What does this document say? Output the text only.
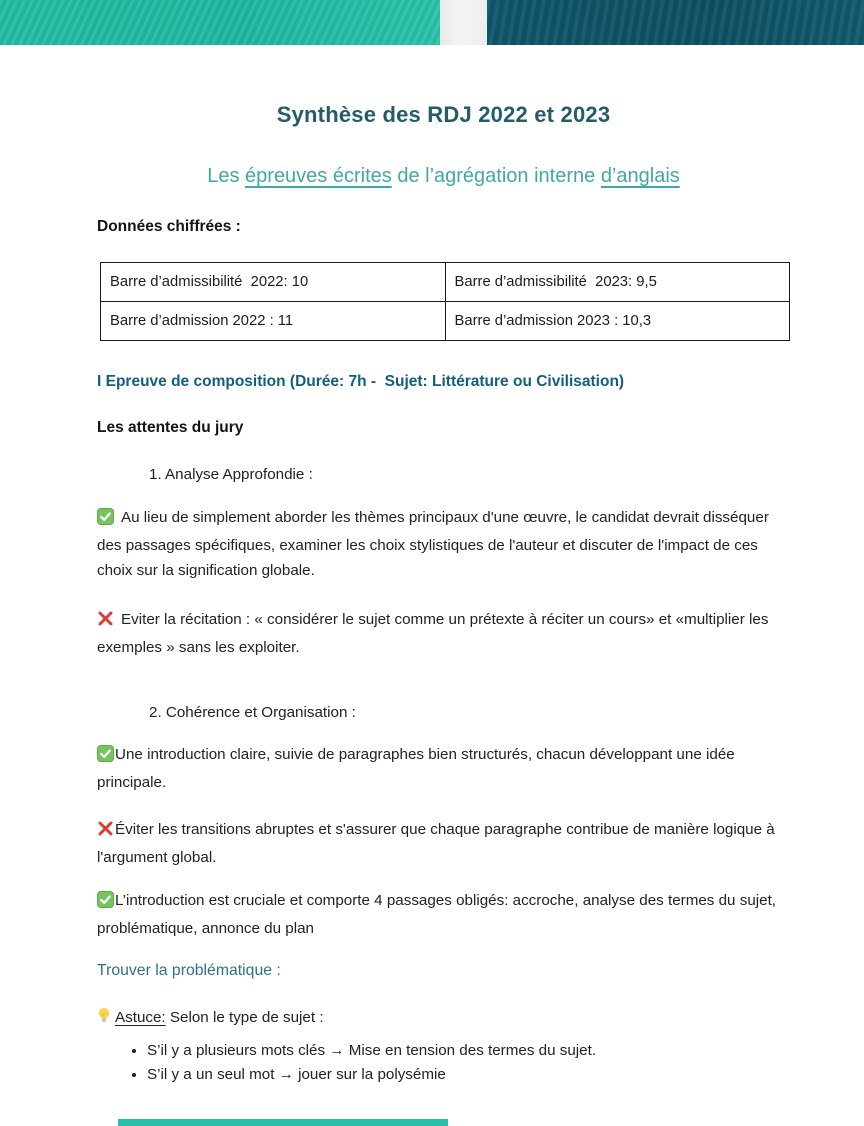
Synthèse des RDJ 2022 et 2023
Les épreuves écrites de l’agrégation interne d’anglais
Données chiffrées :
Barre d’admissibilité  2022: 10	Barre d’admissibilité  2023: 9,5
Barre d’admission 2022 : 11	Barre d’admission 2023 : 10,3
I Epreuve de composition (Durée: 7h -  Sujet: Littérature ou Civilisation)
Les attentes du jury
1. Analyse Approfondie :

Au lieu de simplement aborder les thèmes principaux d'une œuvre, le candidat devrait disséquer des passages spécifiques, examiner les choix stylistiques de l'auteur et discuter de l'impact de ces choix sur la signification globale.

Eviter la récitation : « considérer le sujet comme un prétexte à réciter un cours» et «multiplier les exemples » sans les exploiter.

2. Cohérence et Organisation :

Une introduction claire, suivie de paragraphes bien structurés, chacun développant une idée principale.

Éviter les transitions abruptes et s'assurer que chaque paragraphe contribue de manière logique à l'argument global.

L’introduction est cruciale et comporte 4 passages obligés: accroche, analyse des termes du sujet, problématique, annonce du plan

Trouver la problématique :

Astuce: Selon le type de sujet :

• S’il y a plusieurs mots clés → Mise en tension des termes du sujet.
• S’il y a un seul mot → jouer sur la polysémie
